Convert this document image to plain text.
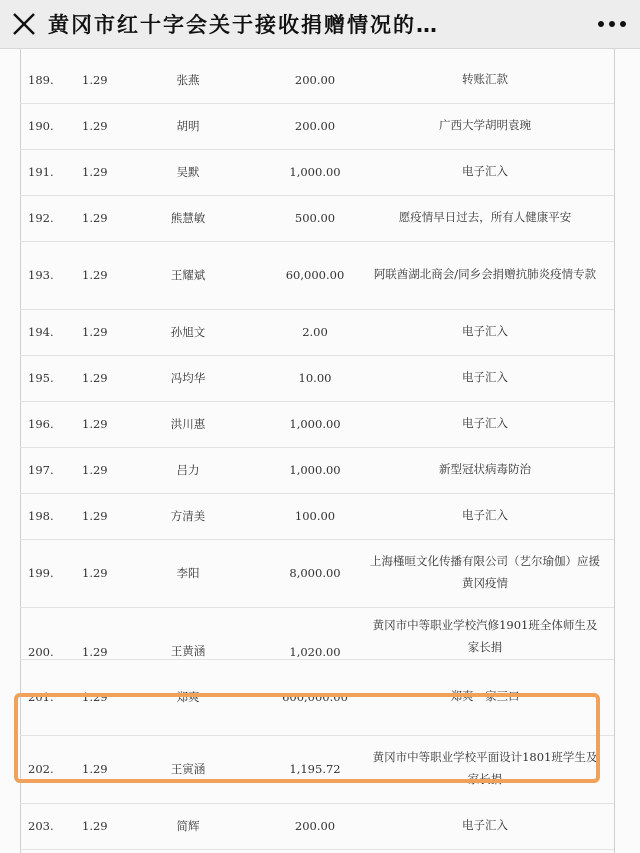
黄冈市红十字会关于接收捐赠情况的…
189.	1.29	张燕	200.00	转账汇款
190.	1.29	胡明	200.00	广西大学胡明袁琬
191.	1.29	吴默	1,000.00	电子汇入
192.	1.29	熊慧敏	500.00	愿疫情早日过去，所有人健康平安
193.	1.29	王耀斌	60,000.00	阿联酋湖北商会/同乡会捐赠抗肺炎疫情专款
194.	1.29	孙旭文	2.00	电子汇入
195.	1.29	冯均华	10.00	电子汇入
196.	1.29	洪川惠	1,000.00	电子汇入
197.	1.29	吕力	1,000.00	新型冠状病毒防治
198.	1.29	方清美	100.00	电子汇入
199.	1.29	李阳	8,000.00
上海槿晅文化传播有限公司（艺尔瑜伽）应援黄冈疫情
200.	1.29	王黄涵	1,020.00
黄冈市中等职业学校汽修1901班全体师生及家长捐
201.	1.29	郑爽	600,000.00	郑爽一家三口
202.	1.29	王寅涵	1,195.72
黄冈市中等职业学校平面设计1801班学生及家长捐
203.	1.29	简辉	200.00	电子汇入
